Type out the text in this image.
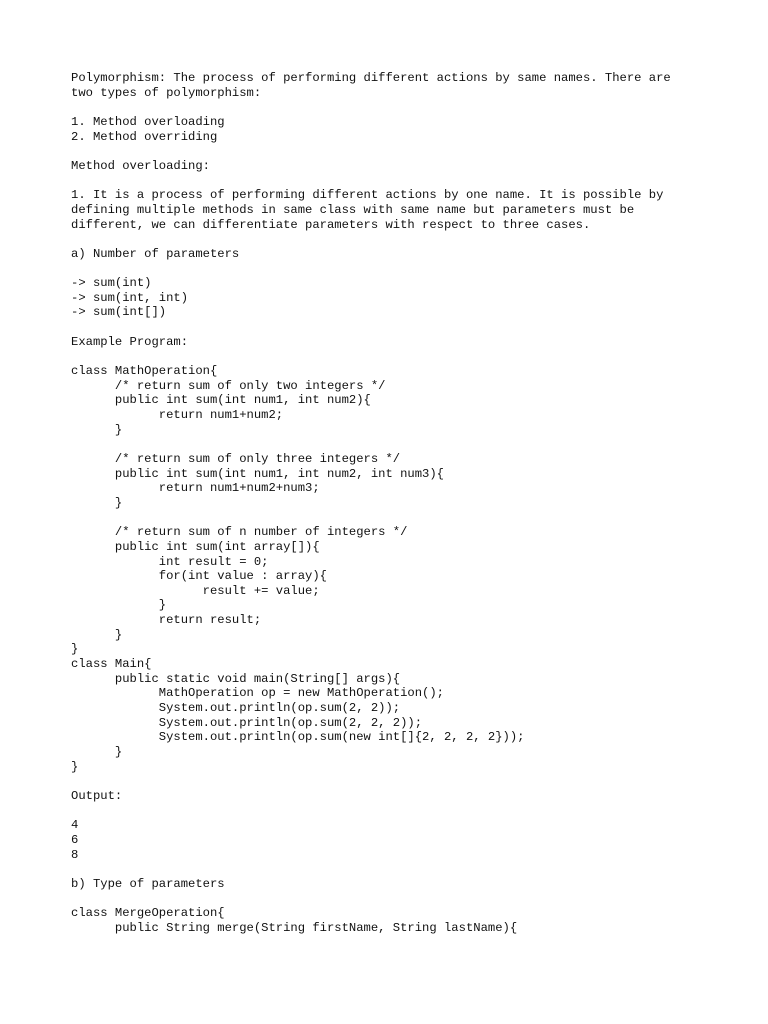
Polymorphism: The process of performing different actions by same names. There are
two types of polymorphism:
1. Method overloading
2. Method overriding
Method overloading:
1. It is a process of performing different actions by one name. It is possible by
defining multiple methods in same class with same name but parameters must be
different, we can differentiate parameters with respect to three cases.
a) Number of parameters
-> sum(int)
-> sum(int, int)
-> sum(int[])
Example Program:
class MathOperation{
/* return sum of only two integers */
public int sum(int num1, int num2){
return num1+num2;
}
/* return sum of only three integers */
public int sum(int num1, int num2, int num3){
return num1+num2+num3;
}
/* return sum of n number of integers */
public int sum(int array[]){
int result = 0;
for(int value : array){
result += value;
}
return result;
}
}
class Main{
public static void main(String[] args){
MathOperation op = new MathOperation();
System.out.println(op.sum(2, 2));
System.out.println(op.sum(2, 2, 2));
System.out.println(op.sum(new int[]{2, 2, 2, 2}));
}
}
Output:
4
6
8
b) Type of parameters
class MergeOperation{
public String merge(String firstName, String lastName){
